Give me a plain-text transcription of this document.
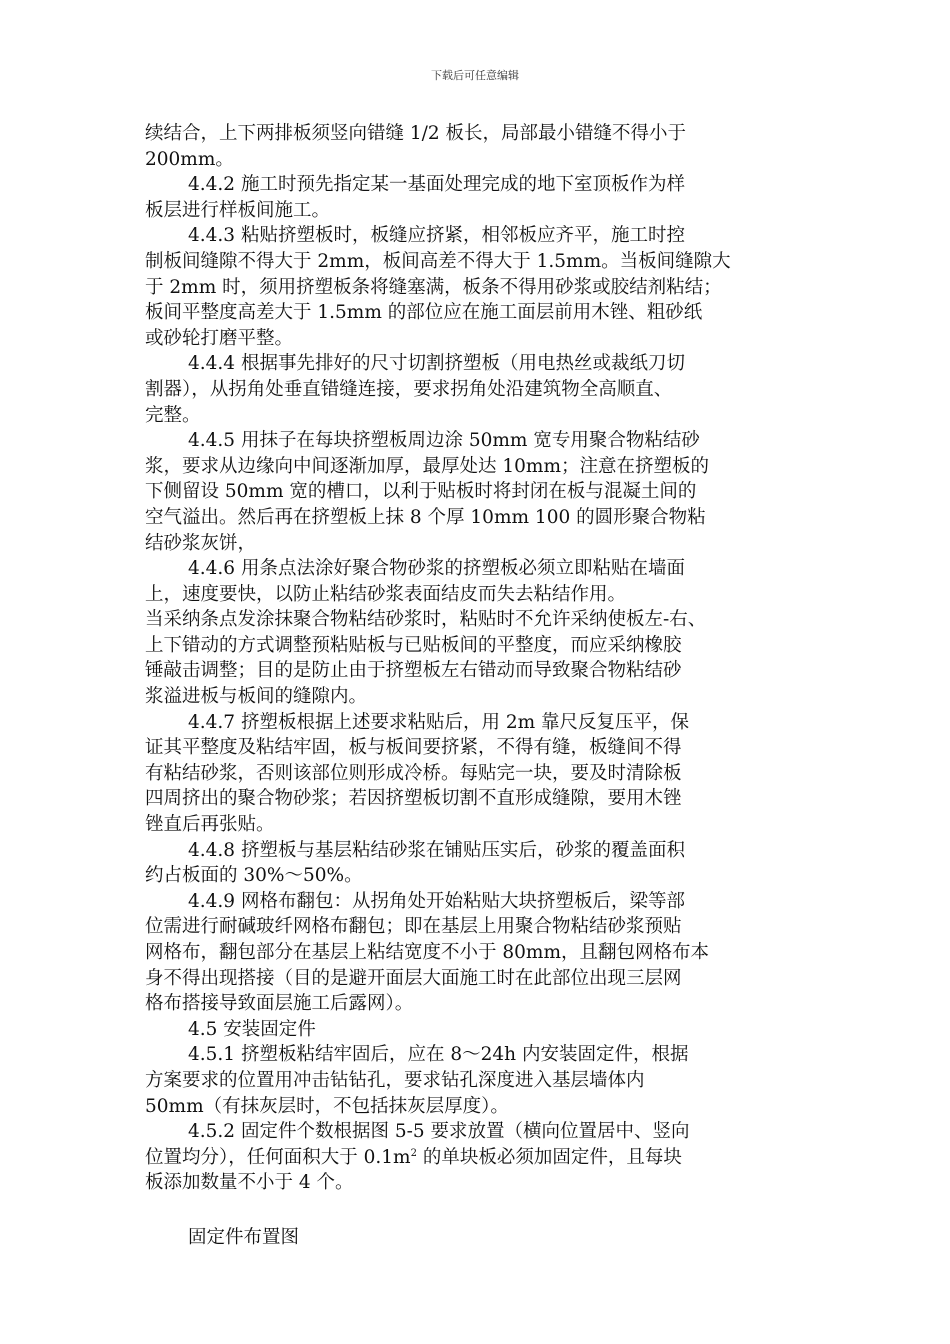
下载后可任意编辑
续结合，上下两排板须竖向错缝 1/2 板长，局部最小错缝不得小于
200mm。
4.4.2 施工时预先指定某一基面处理完成的地下室顶板作为样
板层进行样板间施工。
4.4.3 粘贴挤塑板时，板缝应挤紧，相邻板应齐平，施工时控
制板间缝隙不得大于 2mm，板间高差不得大于 1.5mm。当板间缝隙大
于 2mm 时，须用挤塑板条将缝塞满，板条不得用砂浆或胶结剂粘结；
板间平整度高差大于 1.5mm 的部位应在施工面层前用木锉、粗砂纸
或砂轮打磨平整。
4.4.4 根据事先排好的尺寸切割挤塑板（用电热丝或裁纸刀切
割器），从拐角处垂直错缝连接，要求拐角处沿建筑物全高顺直、
完整。
4.4.5 用抹子在每块挤塑板周边涂 50mm 宽专用聚合物粘结砂
浆，要求从边缘向中间逐渐加厚，最厚处达 10mm；注意在挤塑板的
下侧留设 50mm 宽的槽口，以利于贴板时将封闭在板与混凝土间的
空气溢出。然后再在挤塑板上抹 8 个厚 10mm 100 的圆形聚合物粘
结砂浆灰饼，
4.4.6 用条点法涂好聚合物砂浆的挤塑板必须立即粘贴在墙面
上，速度要快，以防止粘结砂浆表面结皮而失去粘结作用。
当采纳条点发涂抹聚合物粘结砂浆时，粘贴时不允许采纳使板左-右、
上下错动的方式调整预粘贴板与已贴板间的平整度，而应采纳橡胶
锤敲击调整；目的是防止由于挤塑板左右错动而导致聚合物粘结砂
浆溢进板与板间的缝隙内。
4.4.7 挤塑板根据上述要求粘贴后，用 2m 靠尺反复压平，保
证其平整度及粘结牢固，板与板间要挤紧，不得有缝，板缝间不得
有粘结砂浆，否则该部位则形成冷桥。每贴完一块，要及时清除板
四周挤出的聚合物砂浆；若因挤塑板切割不直形成缝隙，要用木锉
锉直后再张贴。
4.4.8 挤塑板与基层粘结砂浆在铺贴压实后，砂浆的覆盖面积
约占板面的 30%～50%。
4.4.9 网格布翻包：从拐角处开始粘贴大块挤塑板后，梁等部
位需进行耐碱玻纤网格布翻包；即在基层上用聚合物粘结砂浆预贴
网格布，翻包部分在基层上粘结宽度不小于 80mm，且翻包网格布本
身不得出现搭接（目的是避开面层大面施工时在此部位出现三层网
格布搭接导致面层施工后露网）。
4.5 安装固定件
4.5.1 挤塑板粘结牢固后，应在 8～24h 内安装固定件，根据
方案要求的位置用冲击钻钻孔，要求钻孔深度进入基层墙体内
50mm（有抹灰层时，不包括抹灰层厚度）。
4.5.2 固定件个数根据图 5-5 要求放置（横向位置居中、竖向
位置均分），任何面积大于 $0.1m^2$ 的单块板必须加固定件，且每块
板添加数量不小于 4 个。
固定件布置图
